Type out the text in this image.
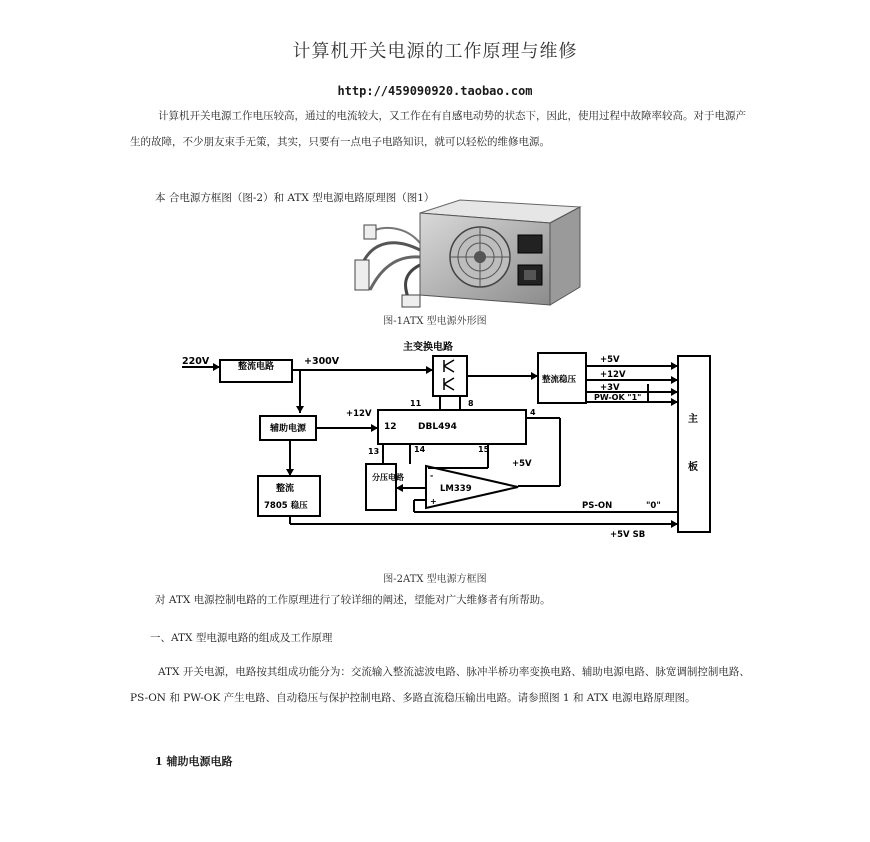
计算机开关电源的工作原理与维修
http://459090920.taobao.com
计算机开关电源工作电压较高，通过的电流较大，又工作在有自感电动势的状态下，因此，使用过程中故障率较高。对于电源产生的故障，不少朋友束手无策，其实，只要有一点电子电路知识，就可以轻松的维修电源。
本 合电源方框图（图-2）和 ATX 型电源电路原理图（图1）
图-1ATX 型电源外形图
220V	整流电路	+300V
主变换电路
11	8
4
12 DBL494
+12V
辅助电源
整流稳压
+5V
+12V
+3V
PW-OK "1"
主
板
13	14	15
+5V
分压电路
LM339
-
+
整流
7805 稳压	PS-ON	"0"
+5V SB
图-2ATX 型电源方框图
对 ATX 电源控制电路的工作原理进行了较详细的阐述，望能对广大维修者有所帮助。
一、ATX 型电源电路的组成及工作原理
ATX 开关电源，电路按其组成功能分为：交流输入整流滤波电路、脉冲半桥功率变换电路、辅助电源电路、脉宽调制控制电路、PS-ON 和 PW-OK 产生电路、自动稳压与保护控制电路、多路直流稳压输出电路。请参照图 1 和 ATX 电源电路原理图。
1 辅助电源电路
